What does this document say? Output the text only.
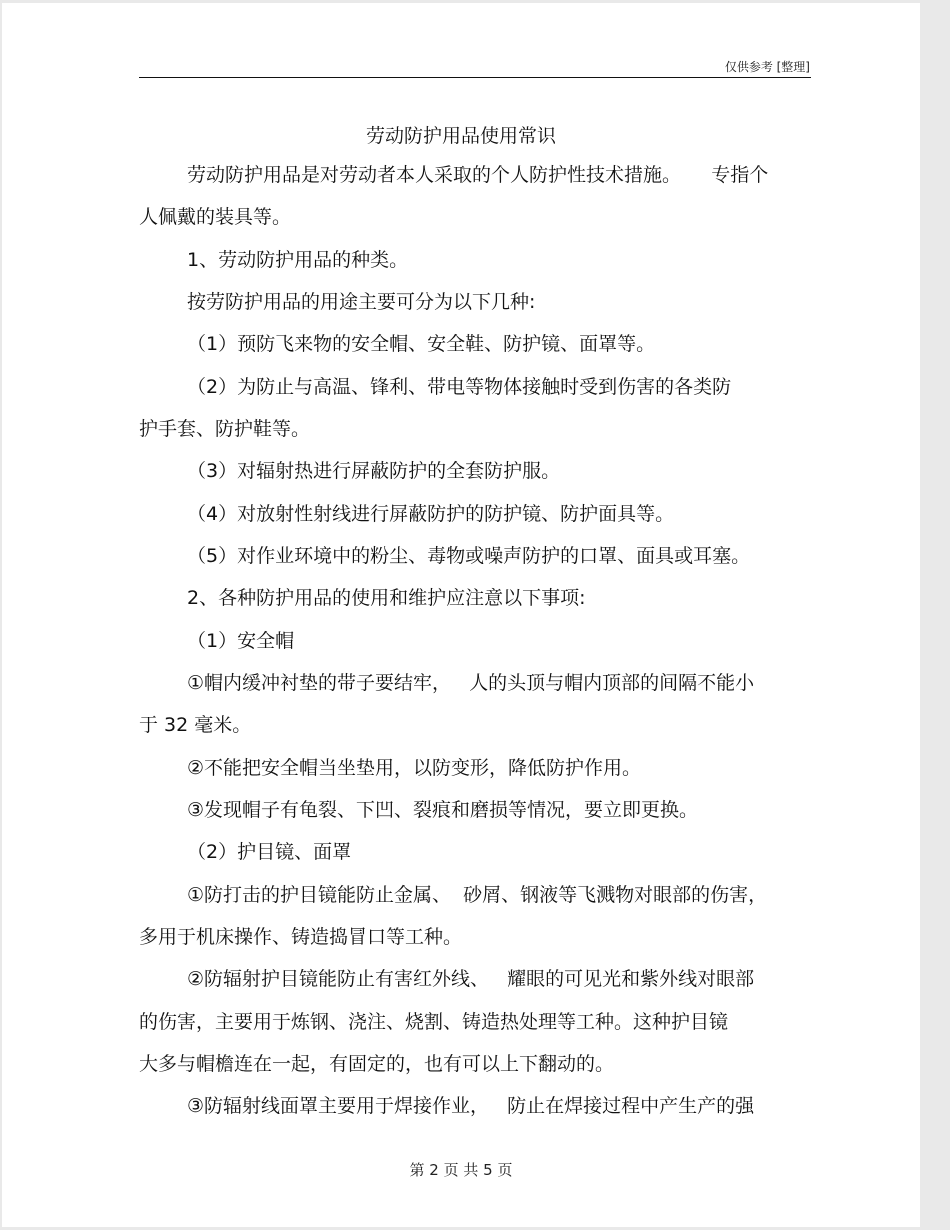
仅供参考 [整理]
劳动防护用品使用常识
劳动防护用品是对劳动者本人采取的个人防护性技术措施。     专指个
人佩戴的装具等。
1、劳动防护用品的种类。
按劳防护用品的用途主要可分为以下几种:
（1）预防飞来物的安全帽、安全鞋、防护镜、面罩等。
（2）为防止与高温、锋利、带电等物体接触时受到伤害的各类防
护手套、防护鞋等。
（3）对辐射热进行屏蔽防护的全套防护服。
（4）对放射性射线进行屏蔽防护的防护镜、防护面具等。
（5）对作业环境中的粉尘、毒物或噪声防护的口罩、面具或耳塞。
2、各种防护用品的使用和维护应注意以下事项:
（1）安全帽
①帽内缓冲衬垫的带子要结牢，   人的头顶与帽内顶部的间隔不能小
于 32 毫米。
②不能把安全帽当坐垫用，以防变形，降低防护作用。
③发现帽子有龟裂、下凹、裂痕和磨损等情况，要立即更换。
（2）护目镜、面罩
①防打击的护目镜能防止金属、  砂屑、钢液等飞溅物对眼部的伤害，
多用于机床操作、铸造捣冒口等工种。
②防辐射护目镜能防止有害红外线、   耀眼的可见光和紫外线对眼部
的伤害，主要用于炼钢、浇注、烧割、铸造热处理等工种。这种护目镜
大多与帽檐连在一起，有固定的，也有可以上下翻动的。
③防辐射线面罩主要用于焊接作业，   防止在焊接过程中产生产的强
第 2 页 共 5 页
